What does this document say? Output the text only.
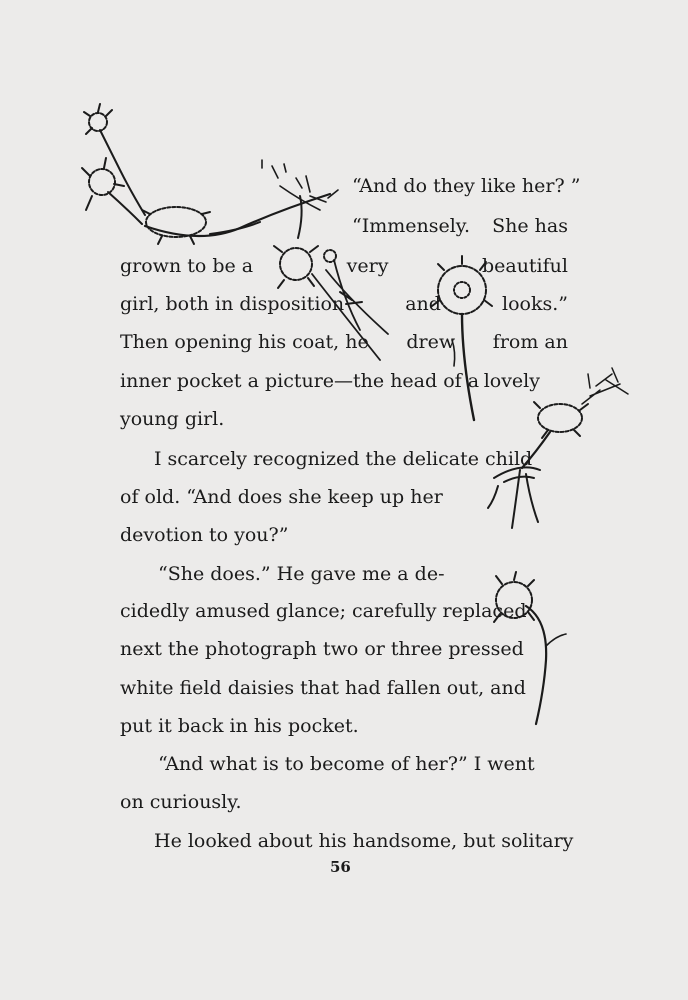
“And do they like her? ”
“Immensely. She has
grown to be a	very	beautiful
girl, both in disposition	and	looks.”
Then opening his coat, he drew from an
inner pocket a picture—the head of a lovely
young girl.
I scarcely recognized the delicate child
of old. “And does she keep up her
devotion to you?”
“She does.” He gave me a de-
cidedly amused glance; carefully replaced
next the photograph two or three pressed
white field daisies that had fallen out, and
put it back in his pocket.
“And what is to become of her?” I went
on curiously.
He looked about his handsome, but solitary
56
